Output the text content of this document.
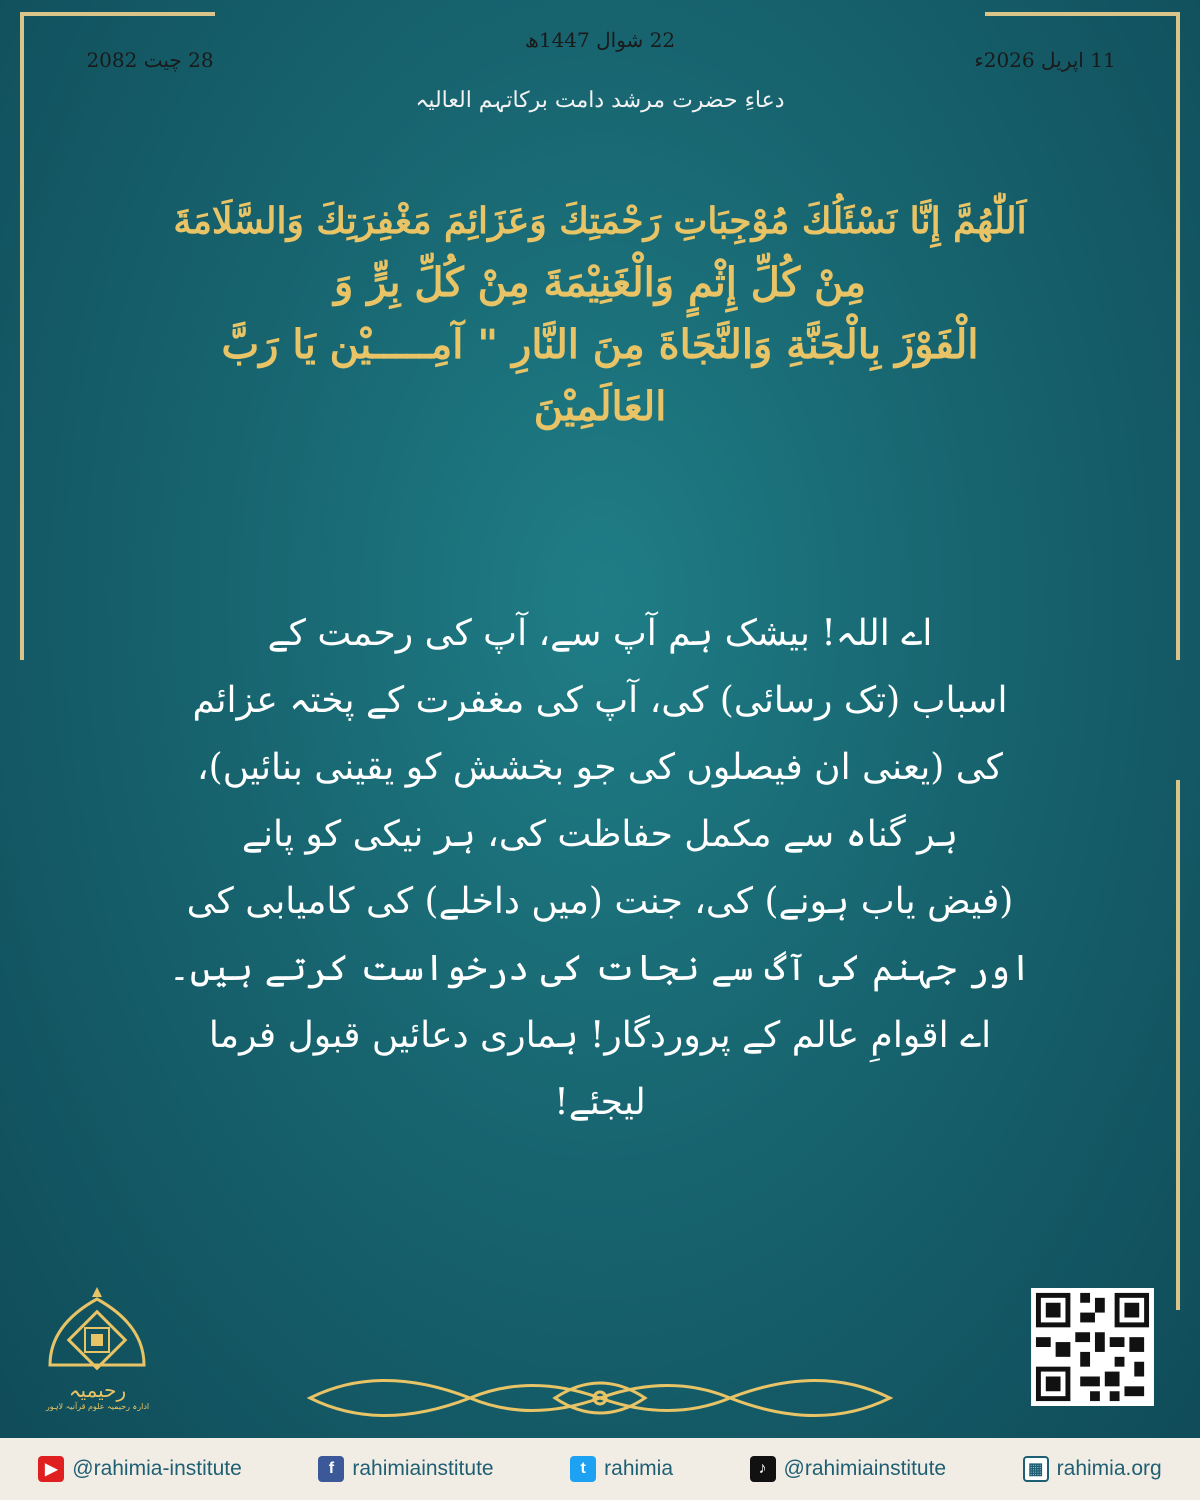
22 شوال 1447ھ
28 چیت 2082	11 اپریل 2026ء
دعاءِ حضرت مرشد دامت برکاتہم العالیہ
اَللّٰهُمَّ إِنَّا نَسْئَلُكَ مُوْجِبَاتِ رَحْمَتِكَ وَعَزَائِمَ مَغْفِرَتِكَ وَالسَّلَامَةَ
مِنْ كُلِّ إِثْمٍ وَالْغَنِيْمَةَ مِنْ كُلِّ بِرٍّ وَ
الْفَوْزَ بِالْجَنَّةِ وَالنَّجَاةَ مِنَ النَّارِ " آمِـــــيْن يَا رَبَّ
العَالَمِيْنَ
اے اللہ! بیشک ہم آپ سے، آپ کی رحمت کے
اسباب (تک رسائی) کی، آپ کی مغفرت کے پختہ عزائم
کی (یعنی ان فیصلوں کی جو بخشش کو یقینی بنائیں)،
ہر گناہ سے مکمل حفاظت کی، ہر نیکی کو پانے
(فیض یاب ہونے) کی، جنت (میں داخلے) کی کامیابی کی
اور جہنم کی آگ سے نجات کی درخواست کرتے ہیں۔
اے اقوامِ عالم کے پروردگار! ہماری دعائیں قبول فرما
لیجئے!
رحیمیہ
ادارہ رحیمیہ علوم قرآنیہ لاہور
▶ @rahimia-institute	f rahimiainstitute	t rahimia	♪ @rahimiainstitute	▦ rahimia.org
